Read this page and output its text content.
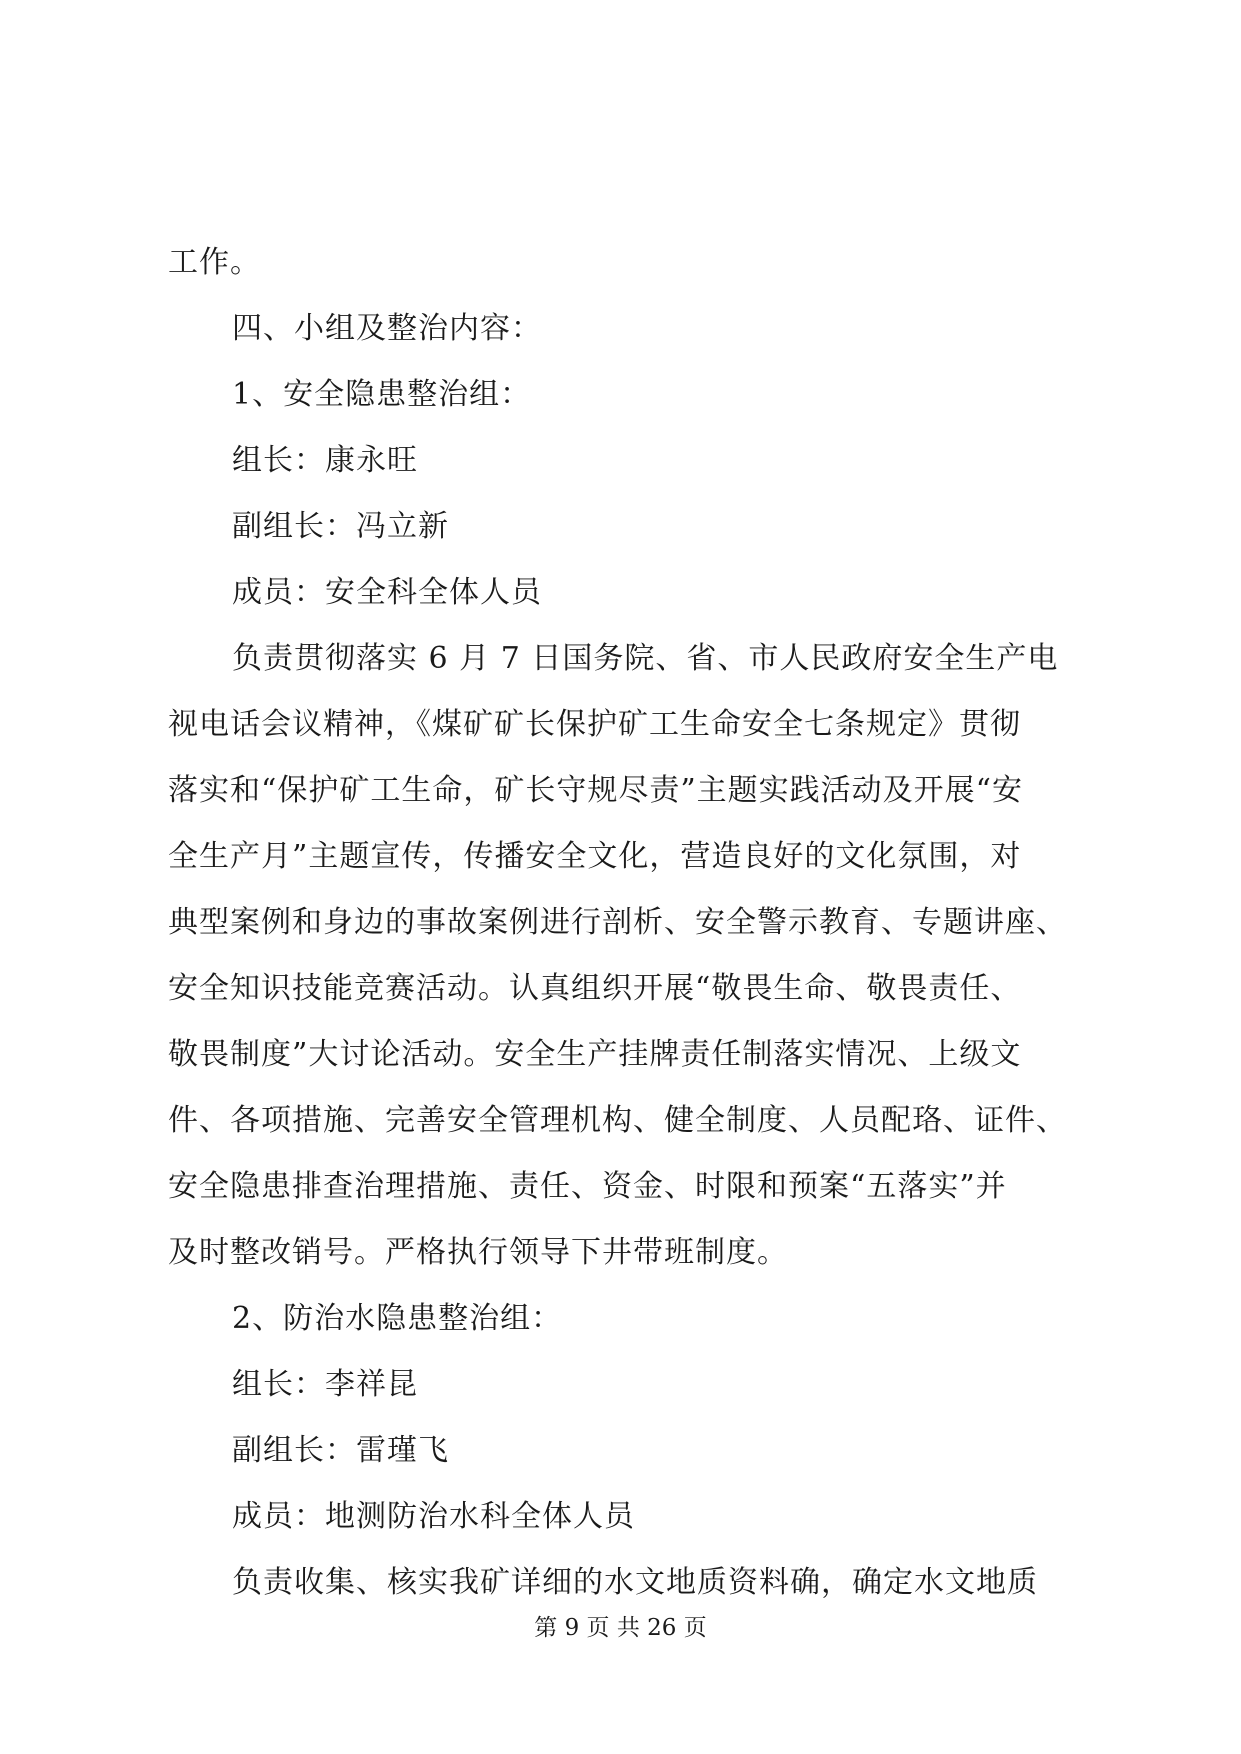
工作。
四、小组及整治内容：
1、安全隐患整治组：
组长：康永旺
副组长：冯立新
成员：安全科全体人员
负责贯彻落实 6 月 7 日国务院、省、市人民政府安全生产电
视电话会议精神，《煤矿矿长保护矿工生命安全七条规定》贯彻
落实和“保护矿工生命，矿长守规尽责”主题实践活动及开展“安
全生产月”主题宣传，传播安全文化，营造良好的文化氛围，对
典型案例和身边的事故案例进行剖析、安全警示教育、专题讲座、
安全知识技能竞赛活动。认真组织开展“敬畏生命、敬畏责任、
敬畏制度”大讨论活动。安全生产挂牌责任制落实情况、上级文
件、各项措施、完善安全管理机构、健全制度、人员配珞、证件、
安全隐患排查治理措施、责任、资金、时限和预案“五落实”并
及时整改销号。严格执行领导下井带班制度。
2、防治水隐患整治组：
组长：李祥昆
副组长：雷瑾飞
成员：地测防治水科全体人员
负责收集、核实我矿详细的水文地质资料确，确定水文地质
第 9 页 共 26 页
